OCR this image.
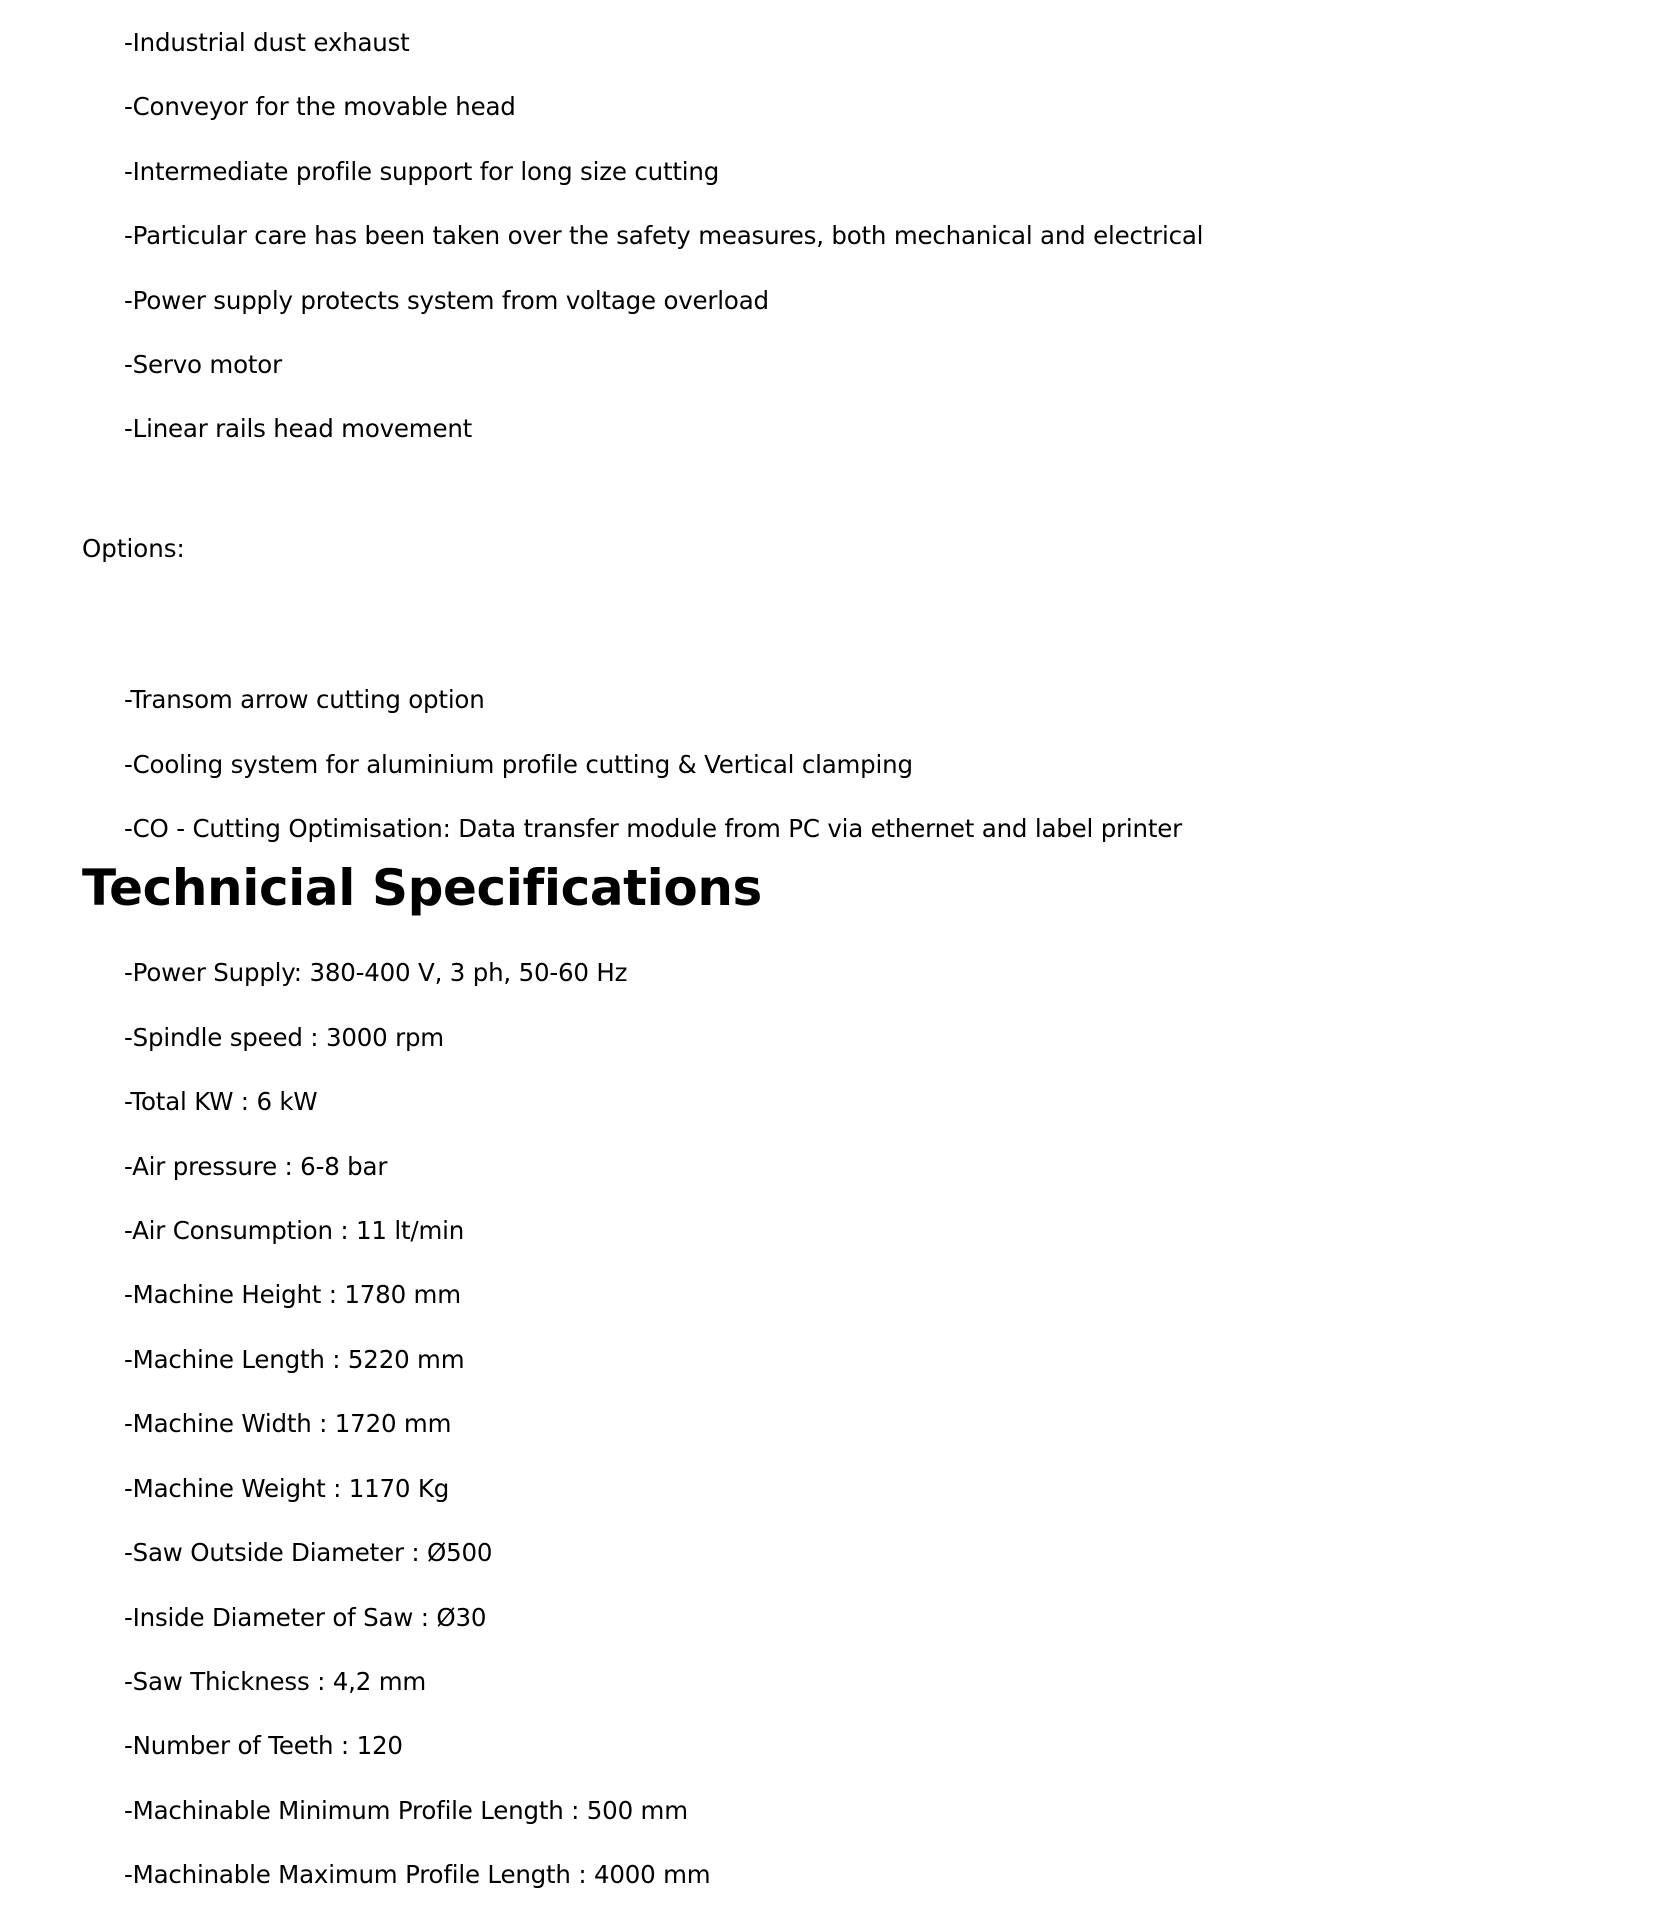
-Industrial dust exhaust
-Conveyor for the movable head
-Intermediate profile support for long size cutting
-Particular care has been taken over the safety measures, both mechanical and electrical
-Power supply protects system from voltage overload
-Servo motor
-Linear rails head movement
Options:
-Transom arrow cutting option
-Cooling system for aluminium profile cutting & Vertical clamping
-CO - Cutting Optimisation: Data transfer module from PC via ethernet and label printer
Technicial Specifications
-Power Supply: 380-400 V, 3 ph, 50-60 Hz
-Spindle speed : 3000 rpm
-Total KW : 6 kW
-Air pressure : 6-8 bar
-Air Consumption : 11 lt/min
-Machine Height : 1780 mm
-Machine Length : 5220 mm
-Machine Width : 1720 mm
-Machine Weight : 1170 Kg
-Saw Outside Diameter : Ø500
-Inside Diameter of Saw : Ø30
-Saw Thickness : 4,2 mm
-Number of Teeth : 120
-Machinable Minimum Profile Length : 500 mm
-Machinable Maximum Profile Length : 4000 mm
